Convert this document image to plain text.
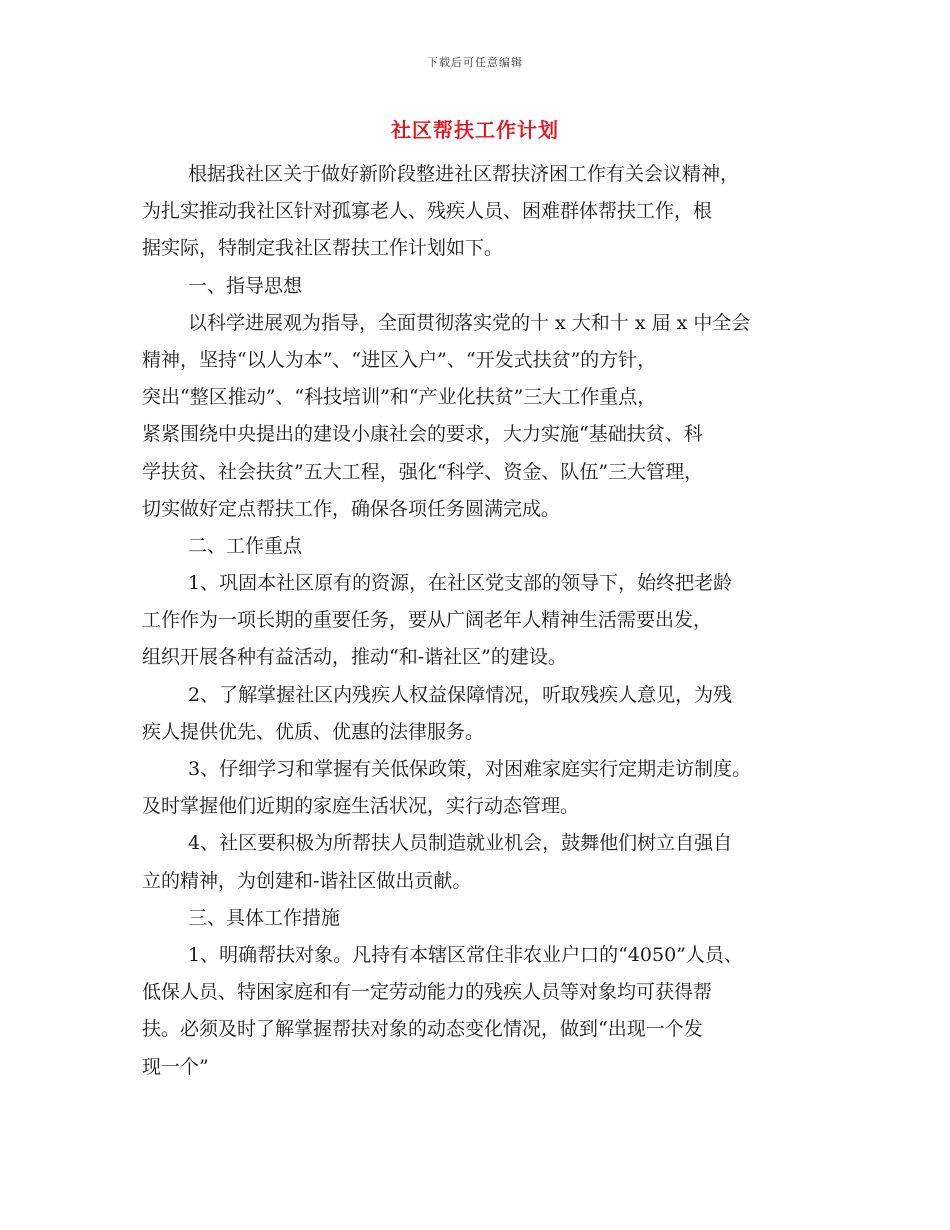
下载后可任意编辑
社区帮扶工作计划
根据我社区关于做好新阶段整进社区帮扶济困工作有关会议精神，
为扎实推动我社区针对孤寡老人、残疾人员、困难群体帮扶工作，根
据实际，特制定我社区帮扶工作计划如下。
一、指导思想
以科学进展观为指导，全面贯彻落实党的十 x 大和十 x 届 x 中全会
精神，坚持“以人为本”、“进区入户”、“开发式扶贫”的方针，
突出“整区推动”、“科技培训”和“产业化扶贫”三大工作重点，
紧紧围绕中央提出的建设小康社会的要求，大力实施“基础扶贫、科
学扶贫、社会扶贫”五大工程，强化“科学、资金、队伍”三大管理，
切实做好定点帮扶工作，确保各项任务圆满完成。
二、工作重点
1、巩固本社区原有的资源，在社区党支部的领导下，始终把老龄
工作作为一项长期的重要任务，要从广阔老年人精神生活需要出发，
组织开展各种有益活动，推动“和-谐社区”的建设。
2、了解掌握社区内残疾人权益保障情况，听取残疾人意见，为残
疾人提供优先、优质、优惠的法律服务。
3、仔细学习和掌握有关低保政策，对困难家庭实行定期走访制度。
及时掌握他们近期的家庭生活状况，实行动态管理。
4、社区要积极为所帮扶人员制造就业机会，鼓舞他们树立自强自
立的精神，为创建和-谐社区做出贡献。
三、具体工作措施
1、明确帮扶对象。凡持有本辖区常住非农业户口的“4050”人员、
低保人员、特困家庭和有一定劳动能力的残疾人员等对象均可获得帮
扶。必须及时了解掌握帮扶对象的动态变化情况，做到“出现一个发
现一个”
